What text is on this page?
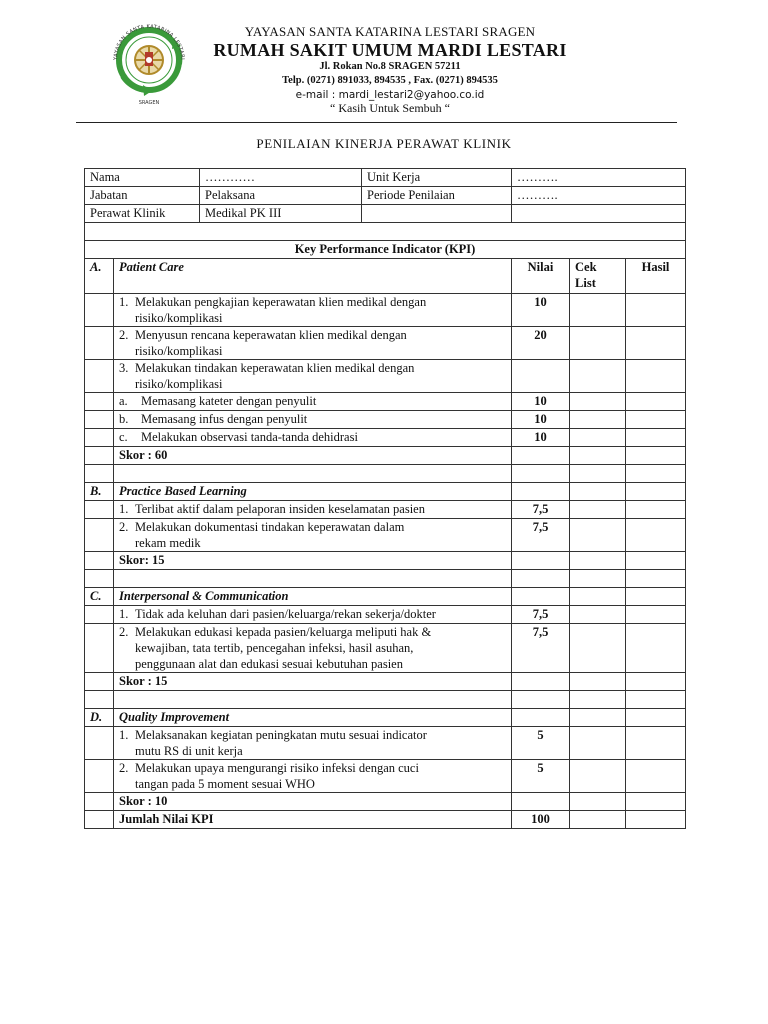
YAYASAN SANTA KATARINA LESTARI
SRAGEN
YAYASAN SANTA KATARINA LESTARI SRAGEN
RUMAH SAKIT UMUM MARDI LESTARI
Jl. Rokan No.8 SRAGEN 57211
Telp. (0271) 891033, 894535 , Fax. (0271) 894535
e-mail : mardi_lestari2@yahoo.co.id
“ Kasih Untuk Sembuh “
PENILAIAN KINERJA PERAWAT KLINIK
Nama		…………	Unit Kerja	……….		
Jabatan		Pelaksana	Periode Penilaian	……….		
Perawat Klinik		Medikal PK III				

Key Performance Indicator (KPI)						
A.	Patient Care			Nilai	Cek List	Hasil

	1. Melakukan pengkajian keperawatan klien medikal dengan
risiko/komplikasi			10		

	2. Menyusun rencana keperawatan klien medikal dengan
risiko/komplikasi			20		

	3. Melakukan tindakan keperawatan klien medikal dengan
risiko/komplikasi					

	a. Memasang kateter dengan penyulit			10		
	b. Memasang infus dengan penyulit			10		
	c. Melakukan observasi tanda-tanda dehidrasi			10		
	Skor : 60					

B.	Practice Based Learning					

	1. Terlibat aktif dalam pelaporan insiden keselamatan pasien			7,5		

	2. Melakukan dokumentasi tindakan keperawatan dalam
rekam medik			7,5		
	Skor: 15					

C.	Interpersonal & Communication					

	1. Tidak ada keluhan dari pasien/keluarga/rekan sekerja/dokter			7,5		

	2. Melakukan edukasi kepada pasien/keluarga meliputi hak &
kewajiban, tata tertib, pencegahan infeksi, hasil asuhan,
penggunaan alat dan edukasi sesuai kebutuhan pasien			7,5		
	Skor : 15					

D.	Quality Improvement					

	1. Melaksanakan kegiatan peningkatan mutu sesuai indicator
mutu RS di unit kerja			5		

	2. Melakukan upaya mengurangi risiko infeksi dengan cuci
tangan pada 5 moment sesuai WHO			5		
	Skor : 10					
	Jumlah Nilai KPI			100		
